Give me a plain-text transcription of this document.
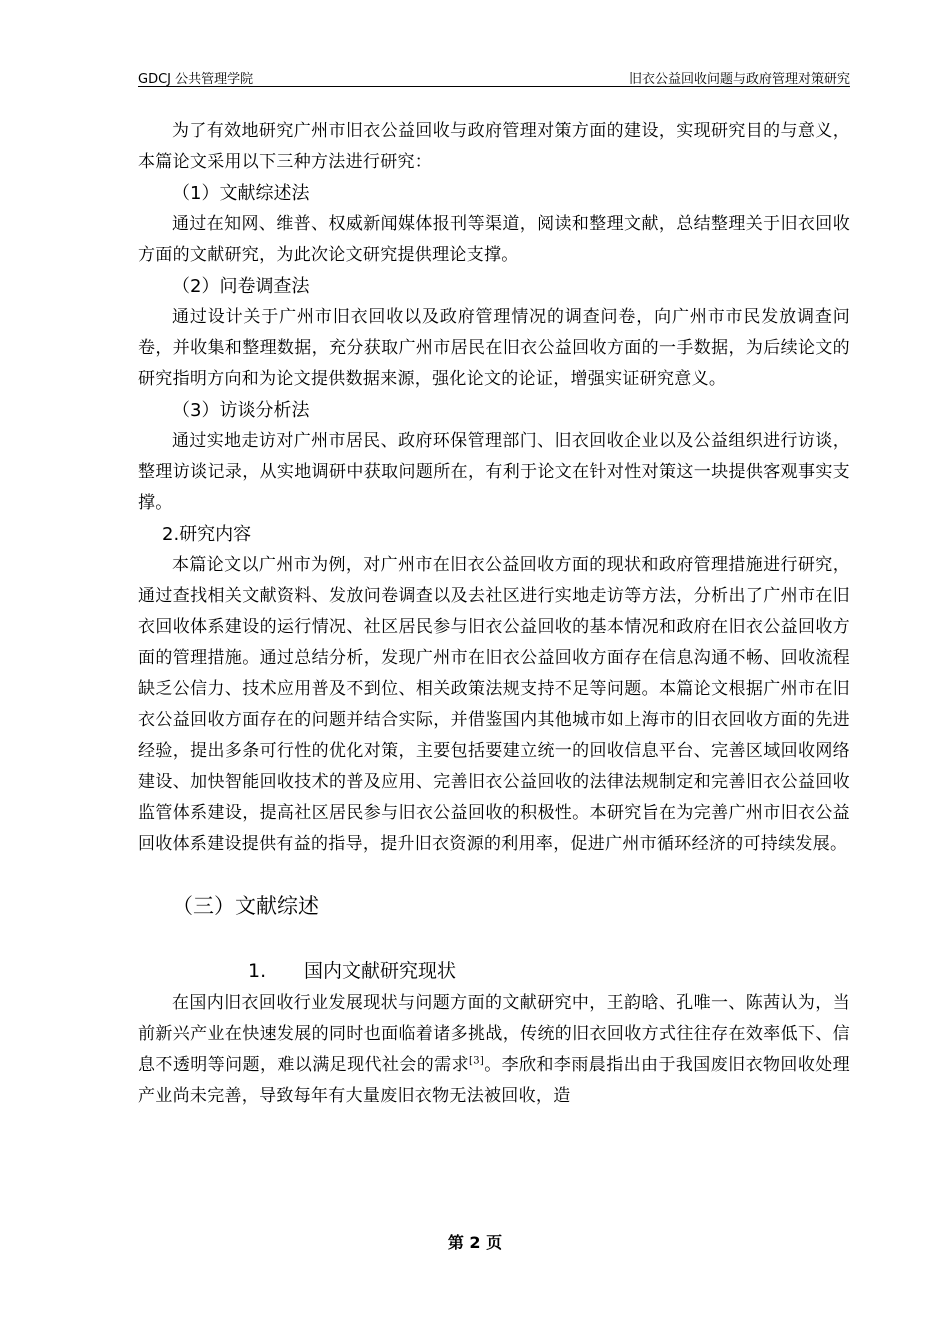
GDCJ 公共管理学院	旧衣公益回收问题与政府管理对策研究

为了有效地研究广州市旧衣公益回收与政府管理对策方面的建设，实现研究目的与意义，本篇论文采用以下三种方法进行研究：

（1）文献综述法

通过在知网、维普、权威新闻媒体报刊等渠道，阅读和整理文献，总结整理关于旧衣回收方面的文献研究，为此次论文研究提供理论支撑。

（2）问卷调查法

通过设计关于广州市旧衣回收以及政府管理情况的调查问卷，向广州市市民发放调查问卷，并收集和整理数据，充分获取广州市居民在旧衣公益回收方面的一手数据，为后续论文的研究指明方向和为论文提供数据来源，强化论文的论证，增强实证研究意义。

（3）访谈分析法

通过实地走访对广州市居民、政府环保管理部门、旧衣回收企业以及公益组织进行访谈，整理访谈记录，从实地调研中获取问题所在，有利于论文在针对性对策这一块提供客观事实支撑。

2.研究内容

本篇论文以广州市为例，对广州市在旧衣公益回收方面的现状和政府管理措施进行研究，通过查找相关文献资料、发放问卷调查以及去社区进行实地走访等方法，分析出了广州市在旧衣回收体系建设的运行情况、社区居民参与旧衣公益回收的基本情况和政府在旧衣公益回收方面的管理措施。通过总结分析，发现广州市在旧衣公益回收方面存在信息沟通不畅、回收流程缺乏公信力、技术应用普及不到位、相关政策法规支持不足等问题。本篇论文根据广州市在旧衣公益回收方面存在的问题并结合实际，并借鉴国内其他城市如上海市的旧衣回收方面的先进经验，提出多条可行性的优化对策，主要包括要建立统一的回收信息平台、完善区域回收网络建设、加快智能回收技术的普及应用、完善旧衣公益回收的法律法规制定和完善旧衣公益回收监管体系建设，提高社区居民参与旧衣公益回收的积极性。本研究旨在为完善广州市旧衣公益回收体系建设提供有益的指导，提升旧衣资源的利用率，促进广州市循环经济的可持续发展。

（三）文献综述
1. 国内文献研究现状

在国内旧衣回收行业发展现状与问题方面的文献研究中，王韵晗、孔唯一、陈茜认为，当前新兴产业在快速发展的同时也面临着诸多挑战，传统的旧衣回收方式往往存在效率低下、信息不透明等问题，难以满足现代社会的需求[3]。李欣和李雨晨指出由于我国废旧衣物回收处理产业尚未完善，导致每年有大量废旧衣物无法被回收，造

第 2 页
